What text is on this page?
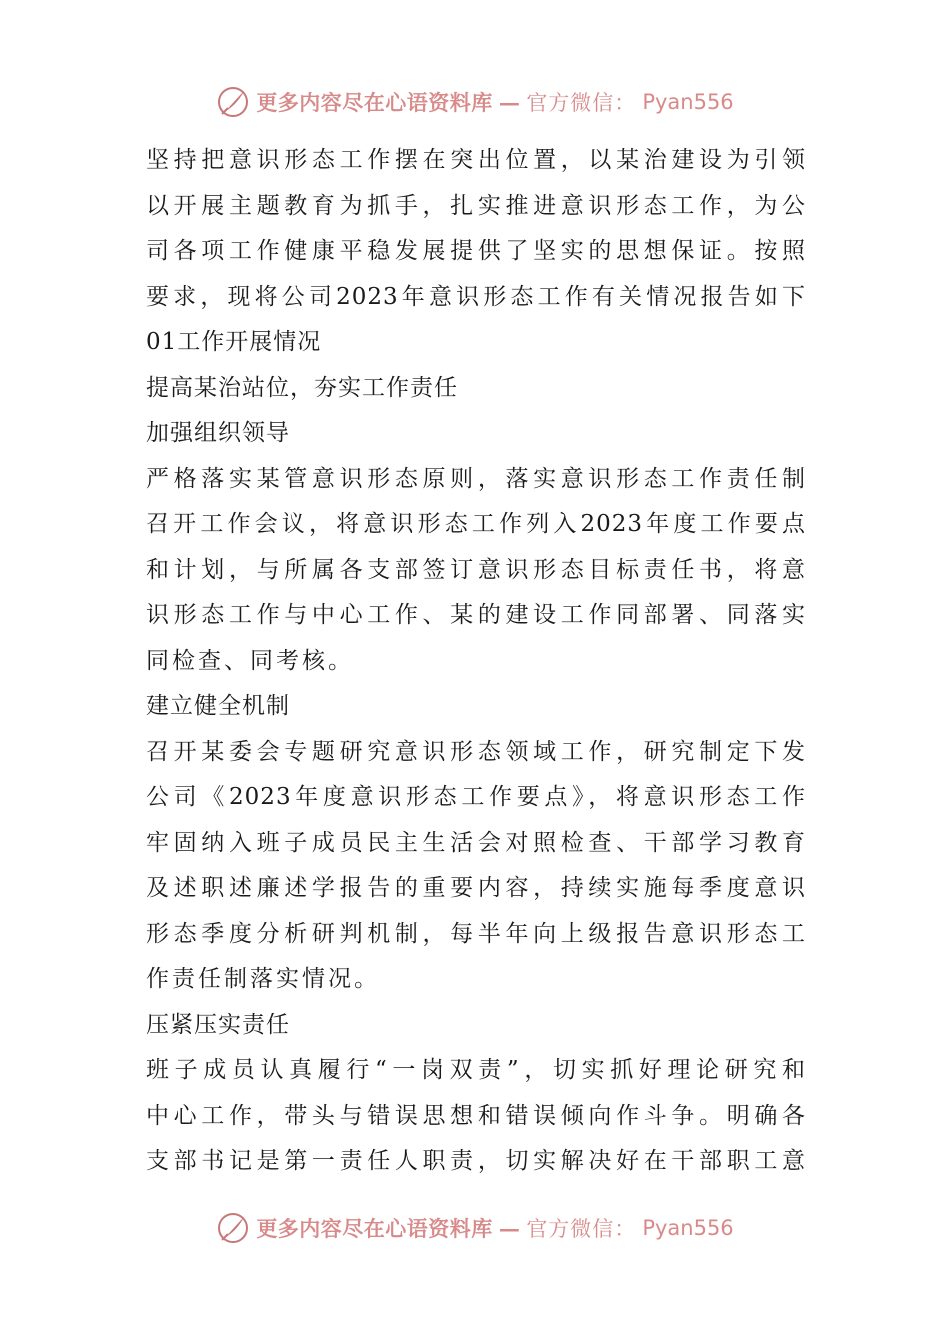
更多内容尽在心语资料库 — 官方微信： Pyan556
坚持把意识形态工作摆在突出位置，以某治建设为引领
以开展主题教育为抓手，扎实推进意识形态工作，为公
司各项工作健康平稳发展提供了坚实的思想保证。按照
要求，现将公司2023年意识形态工作有关情况报告如下
01工作开展情况
提高某治站位，夯实工作责任
加强组织领导
严格落实某管意识形态原则，落实意识形态工作责任制
召开工作会议，将意识形态工作列入2023年度工作要点
和计划，与所属各支部签订意识形态目标责任书，将意
识形态工作与中心工作、某的建设工作同部署、同落实
同检查、同考核。
建立健全机制
召开某委会专题研究意识形态领域工作，研究制定下发
公司《2023年度意识形态工作要点》，将意识形态工作
牢固纳入班子成员民主生活会对照检查、干部学习教育
及述职述廉述学报告的重要内容，持续实施每季度意识
形态季度分析研判机制，每半年向上级报告意识形态工
作责任制落实情况。
压紧压实责任
班子成员认真履行“一岗双责”，切实抓好理论研究和
中心工作，带头与错误思想和错误倾向作斗争。明确各
支部书记是第一责任人职责，切实解决好在干部职工意
更多内容尽在心语资料库 — 官方微信： Pyan556
